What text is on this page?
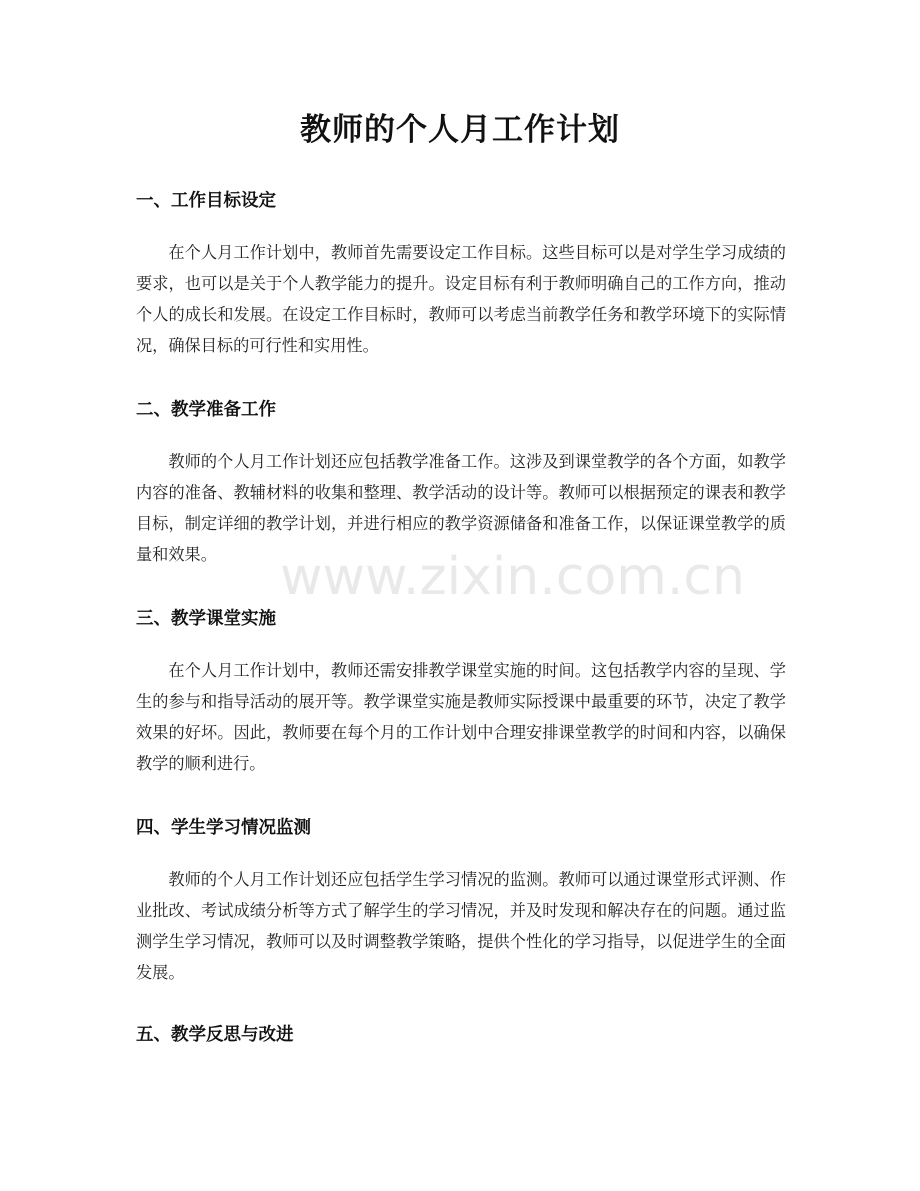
教师的个人月工作计划
一、工作目标设定

在个人月工作计划中，教师首先需要设定工作目标。这些目标可以是对学生学习成绩的要求，也可以是关于个人教学能力的提升。设定目标有利于教师明确自己的工作方向，推动个人的成长和发展。在设定工作目标时，教师可以考虑当前教学任务和教学环境下的实际情况，确保目标的可行性和实用性。

二、教学准备工作

教师的个人月工作计划还应包括教学准备工作。这涉及到课堂教学的各个方面，如教学内容的准备、教辅材料的收集和整理、教学活动的设计等。教师可以根据预定的课表和教学目标，制定详细的教学计划，并进行相应的教学资源储备和准备工作，以保证课堂教学的质量和效果。

三、教学课堂实施

在个人月工作计划中，教师还需安排教学课堂实施的时间。这包括教学内容的呈现、学生的参与和指导活动的展开等。教学课堂实施是教师实际授课中最重要的环节，决定了教学效果的好坏。因此，教师要在每个月的工作计划中合理安排课堂教学的时间和内容，以确保教学的顺利进行。

四、学生学习情况监测

教师的个人月工作计划还应包括学生学习情况的监测。教师可以通过课堂形式评测、作业批改、考试成绩分析等方式了解学生的学习情况，并及时发现和解决存在的问题。通过监测学生学习情况，教师可以及时调整教学策略，提供个性化的学习指导，以促进学生的全面发展。

五、教学反思与改进
www.zixin.com.cn
